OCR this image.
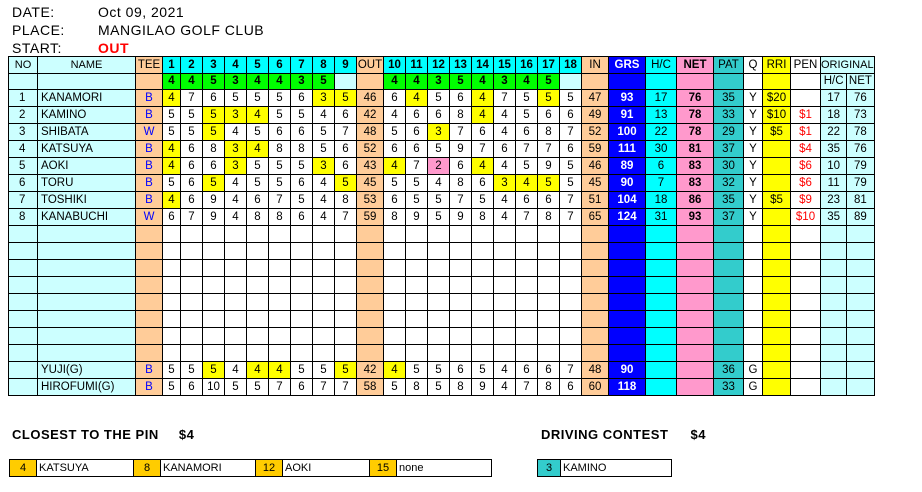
DATE:	Oct 09, 2021
PLACE: MANGILAO GOLF CLUB
START:	OUT
NO	NAME	TEE	1	2	3	4	5	6	7	8	9	OUT	10	11	12	13	14	15	16	17	18	IN	GRS	H/C	NET	PAT	Q	RRI	PEN	ORIGINAL	
			4	4	5	3	4	4	3	5			4	4	3	5	4	3	4	5										H/C	NET
1	KANAMORI	B	4	7	6	5	5	5	6	3	5	46	6	4	5	6	4	7	5	5	5	47	93	17	76	35	Y	$20		17	76
2	KAMINO	B	5	5	5	3	4	5	5	4	6	42	4	6	6	8	4	4	5	6	6	49	91	13	78	33	Y	$10	$1	18	73
3	SHIBATA	W	5	5	5	4	5	6	6	5	7	48	5	6	3	7	6	4	6	8	7	52	100	22	78	29	Y	$5	$1	22	78
4	KATSUYA	B	4	6	8	3	4	8	8	5	6	52	6	6	5	9	7	6	7	7	6	59	111	30	81	37	Y		$4	35	76
5	AOKI	B	4	6	6	3	5	5	5	3	6	43	4	7	2	6	4	4	5	9	5	46	89	6	83	30	Y		$6	10	79
6	TORU	B	5	6	5	4	5	5	6	4	5	45	5	5	4	8	6	3	4	5	5	45	90	7	83	32	Y		$6	11	79
7	TOSHIKI	B	4	6	9	4	6	7	5	4	8	53	6	5	5	7	5	4	6	6	7	51	104	18	86	35	Y	$5	$9	23	81
8	KANABUCHI	W	6	7	9	4	8	8	6	4	7	59	8	9	5	9	8	4	7	8	7	65	124	31	93	37	Y		$10	35	89

	YUJI(G)	B	5	5	5	4	4	4	5	5	5	42	4	5	5	6	5	4	6	6	7	48	90			36	G				
	HIROFUMI(G)	B	5	6	10	5	5	7	6	7	7	58	5	8	5	8	9	4	7	8	6	60	118			33	G				
CLOSEST TO THE PIN $4	DRIVING CONTEST $4
4	KATSUYA	8	KANAMORI	12 AOKI	15 none	3 KAMINO
